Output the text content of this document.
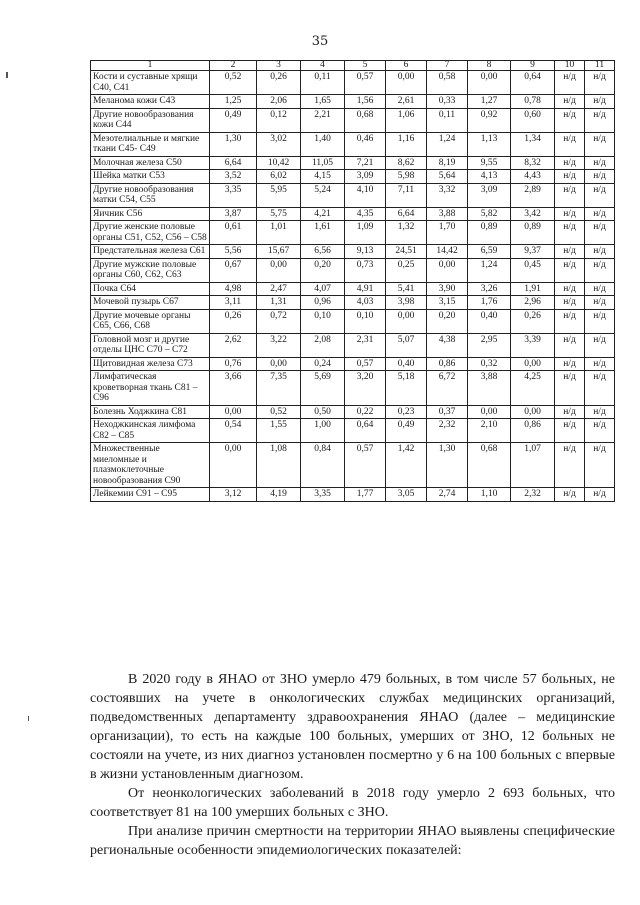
35
1	2	3	4	5	6	7	8	9	10	11
Кости и суставные хрящи С40, С41	0,52	0,26	0,11	0,57	0,00	0,58	0,00	0,64	н/д	н/д
Меланома кожи С43	1,25	2,06	1,65	1,56	2,61	0,33	1,27	0,78	н/д	н/д
Другие новообразования кожи С44	0,49	0,12	2,21	0,68	1,06	0,11	0,92	0,60	н/д	н/д
Мезотелиальные и мягкие ткани С45- С49	1,30	3,02	1,40	0,46	1,16	1,24	1,13	1,34	н/д	н/д
Молочная железа С50	6,64	10,42	11,05	7,21	8,62	8,19	9,55	8,32	н/д	н/д
Шейка матки С53	3,52	6,02	4,15	3,09	5,98	5,64	4,13	4,43	н/д	н/д
Другие новообразования матки С54, С55	3,35	5,95	5,24	4,10	7,11	3,32	3,09	2,89	н/д	н/д
Яичник С56	3,87	5,75	4,21	4,35	6,64	3,88	5,82	3,42	н/д	н/д
Другие женские половые органы С51, С52, С56 – С58	0,61	1,01	1,61	1,09	1,32	1,70	0,89	0,89	н/д	н/д
Предстательная железа С61	5,56	15,67	6,56	9,13	24,51	14,42	6,59	9,37	н/д	н/д
Другие мужские половые органы С60, С62, С63	0,67	0,00	0,20	0,73	0,25	0,00	1,24	0,45	н/д	н/д
Почка С64	4,98	2,47	4,07	4,91	5,41	3,90	3,26	1,91	н/д	н/д
Мочевой пузырь С67	3,11	1,31	0,96	4,03	3,98	3,15	1,76	2,96	н/д	н/д
Другие мочевые органы С65, С66, С68	0,26	0,72	0,10	0,10	0,00	0,20	0,40	0,26	н/д	н/д
Головной мозг и другие отделы ЦНС С70 – С72	2,62	3,22	2,08	2,31	5,07	4,38	2,95	3,39	н/д	н/д
Щитовидная железа С73	0,76	0,00	0,24	0,57	0,40	0,86	0,32	0,00	н/д	н/д
Лимфатическая кроветворная ткань С81 – С96	3,66	7,35	5,69	3,20	5,18	6,72	3,88	4,25	н/д	н/д
Болезнь Ходжкина С81	0,00	0,52	0,50	0,22	0,23	0,37	0,00	0,00	н/д	н/д
Неходжкинская лимфома С82 – С85	0,54	1,55	1,00	0,64	0,49	2,32	2,10	0,86	н/д	н/д
Множественные миеломные и плазмоклеточные новообразования С90	0,00	1,08	0,84	0,57	1,42	1,30	0,68	1,07	н/д	н/д
Лейкемии С91 – С95	3,12	4,19	3,35	1,77	3,05	2,74	1,10	2,32	н/д	н/д

В 2020 году в ЯНАО от ЗНО умерло 479 больных, в том числе 57 больных, не состоявших на учете в онкологических службах медицинских организаций, подведомственных департаменту здравоохранения ЯНАО (далее – медицинские организации), то есть на каждые 100 больных, умерших от ЗНО, 12 больных не состояли на учете, из них диагноз установлен посмертно у 6 на 100 больных с впервые в жизни установленным диагнозом.

От неонкологических заболеваний в 2018 году умерло 2 693 больных, что соответствует 81 на 100 умерших больных с ЗНО.

При анализе причин смертности на территории ЯНАО выявлены специфические региональные особенности эпидемиологических показателей:
